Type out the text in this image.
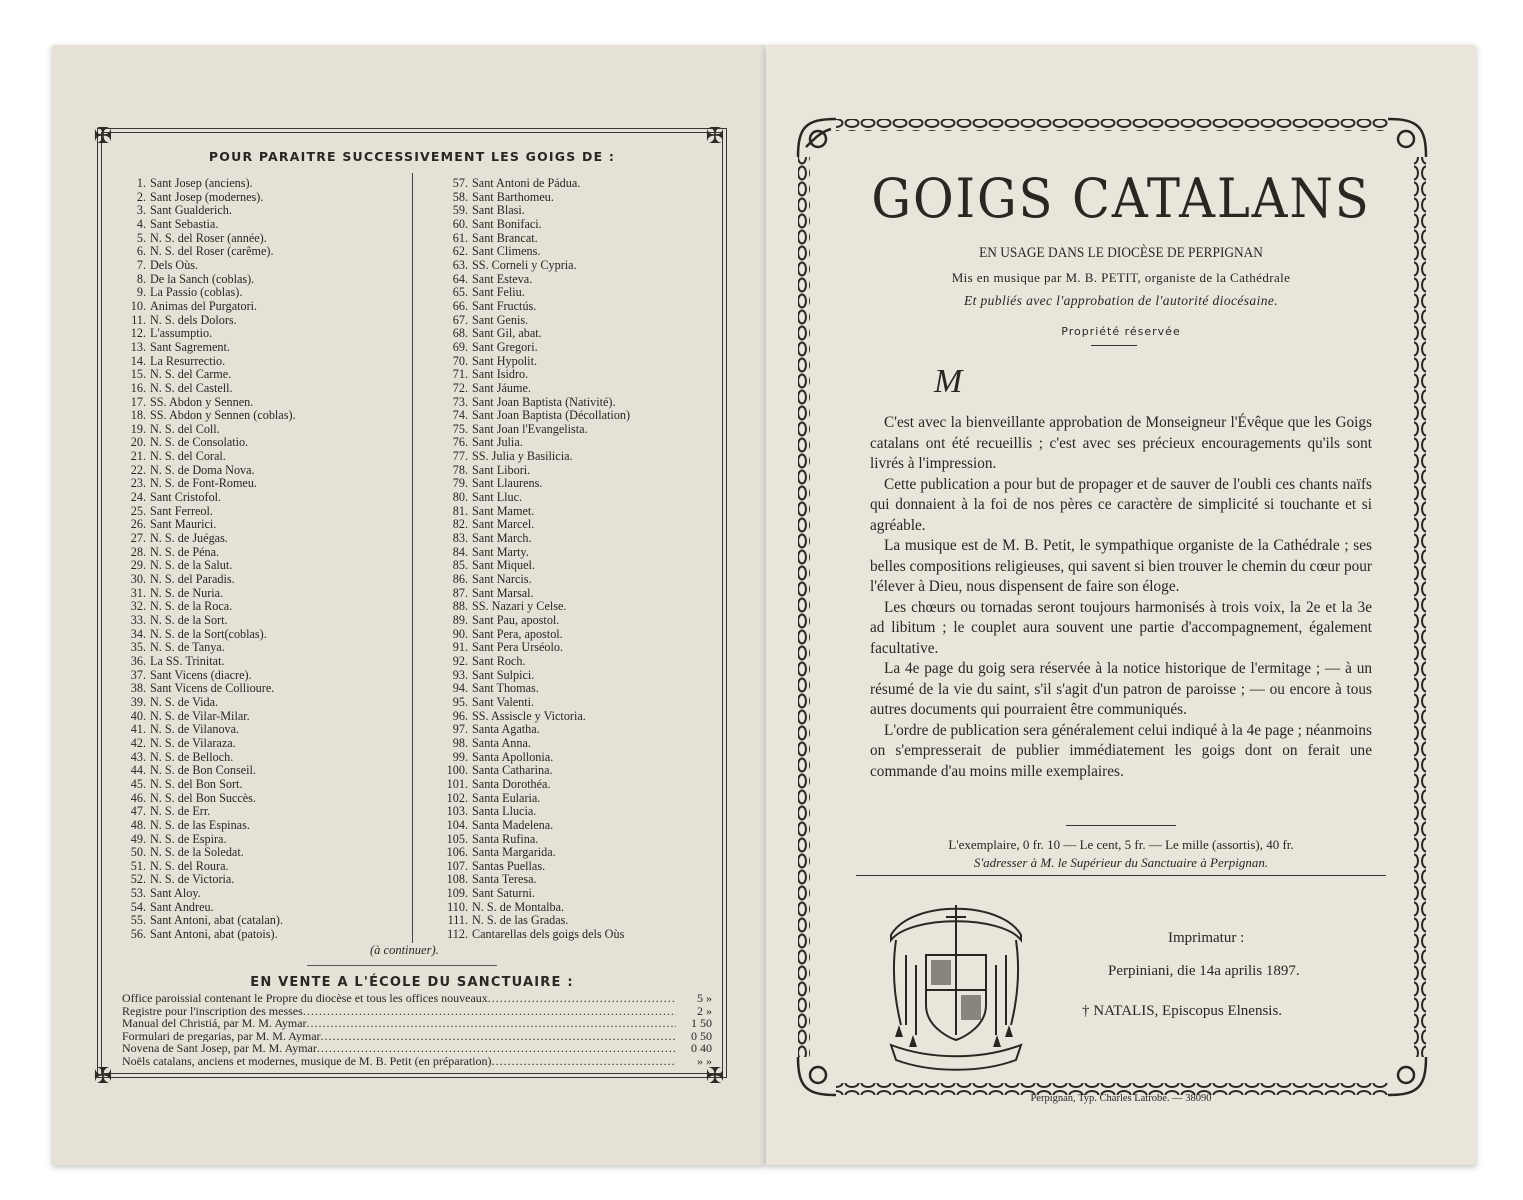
✠	✠
✠	✠
POUR PARAITRE SUCCESSIVEMENT LES GOIGS DE :
1. Sant Josep (anciens).
2. Sant Josep (modernes).
3. Sant Gualderich.
4. Sant Sebastia.
5. N. S. del Roser (année).
6. N. S. del Roser (carême).
7. Dels Oùs.
8. De la Sanch (coblas).
9. La Passio (coblas).
10. Animas del Purgatori.
11. N. S. dels Dolors.
12. L'assumptio.
13. Sant Sagrement.
14. La Resurrectio.
15. N. S. del Carme.
16. N. S. del Castell.
17. SS. Abdon y Sennen.
18. SS. Abdon y Sennen (coblas).
19. N. S. del Coll.
20. N. S. de Consolatio.
21. N. S. del Coral.
22. N. S. de Doma Nova.
23. N. S. de Font-Romeu.
24. Sant Cristofol.
25. Sant Ferreol.
26. Sant Maurici.
27. N. S. de Juégas.
28. N. S. de Péna.
29. N. S. de la Salut.
30. N. S. del Paradis.
31. N. S. de Nuria.
32. N. S. de la Roca.
33. N. S. de la Sort.
34. N. S. de la Sort(coblas).
35. N. S. de Tanya.
36. La SS. Trinitat.
37. Sant Vicens (diacre).
38. Sant Vicens de Collioure.
39. N. S. de Vida.
40. N. S. de Vilar-Milar.
41. N. S. de Vilanova.
42. N. S. de Vilaraza.
43. N. S. de Belloch.
44. N. S. de Bon Conseil.
45. N. S. del Bon Sort.
46. N. S. del Bon Succès.
47. N. S. de Err.
48. N. S. de las Espinas.
49. N. S. de Espira.
50. N. S. de la Soledat.
51. N. S. del Roura.
52. N. S. de Victoria.
53. Sant Aloy.
54. Sant Andreu.
55. Sant Antoni, abat (catalan).
56. Sant Antoni, abat (patois).
57. Sant Antoni de Pádua.
58. Sant Barthomeu.
59. Sant Blasi.
60. Sant Bonifaci.
61. Sant Brancat.
62. Sant Climens.
63. SS. Corneli y Cypria.
64. Sant Esteva.
65. Sant Feliu.
66. Sant Fructús.
67. Sant Genis.
68. Sant Gil, abat.
69. Sant Gregori.
70. Sant Hypolit.
71. Sant Isidro.
72. Sant Jáume.
73. Sant Joan Baptista (Nativité).
74. Sant Joan Baptista (Décollation)
75. Sant Joan l'Evangelista.
76. Sant Julia.
77. SS. Julia y Basilicia.
78. Sant Libori.
79. Sant Llaurens.
80. Sant Lluc.
81. Sant Mamet.
82. Sant Marcel.
83. Sant March.
84. Sant Marty.
85. Sant Miquel.
86. Sant Narcis.
87. Sant Marsal.
88. SS. Nazari y Celse.
89. Sant Pau, apostol.
90. Sant Pera, apostol.
91. Sant Pera Urséolo.
92. Sant Roch.
93. Sant Sulpici.
94. Sant Thomas.
95. Sant Valenti.
96. SS. Assiscle y Victoria.
97. Santa Agatha.
98. Santa Anna.
99. Santa Apollonia.
100. Santa Catharina.
101. Santa Dorothéa.
102. Santa Eularia.
103. Santa Llucia.
104. Santa Madelena.
105. Santa Rufina.
106. Santa Margarida.
107. Santas Puellas.
108. Santa Teresa.
109. Sant Saturni.
110. N. S. de Montalba.
111. N. S. de las Gradas.
112. Cantarellas dels goigs dels Oùs
(à continuer).
EN VENTE A L'ÉCOLE DU SANCTUAIRE :
Office paroissial contenant le Propre du diocèse et tous les offices nouveaux .....	5 »
Registre pour l'inscription des messes .....	2 »
Manual del Christiá, par M. M. Aymar .....	1 50
Formulari de pregarias, par M. M. Aymar .....	0 50
Novena de Sant Josep, par M. M. Aymar .....	0 40
Noëls catalans, anciens et modernes, musique de M. B. Petit (en préparation) .....	» »
GOIGS CATALANS
EN USAGE DANS LE DIOCÈSE DE PERPIGNAN
Mis en musique par M. B. PETIT, organiste de la Cathédrale
Et publiés avec l'approbation de l'autorité diocésaine.
Propriété réservée
M

C'est avec la bienveillante approbation de Monseigneur l'Évêque que les Goigs catalans ont été recueillis ; c'est avec ses précieux encouragements qu'ils sont livrés à l'impression.

Cette publication a pour but de propager et de sauver de l'oubli ces chants naïfs qui donnaient à la foi de nos pères ce caractère de simplicité si touchante et si agréable.

La musique est de M. B. Petit, le sympathique organiste de la Cathédrale ; ses belles compositions religieuses, qui savent si bien trouver le chemin du cœur pour l'élever à Dieu, nous dispensent de faire son éloge.

Les chœurs ou tornadas seront toujours harmonisés à trois voix, la 2e et la 3e ad libitum ; le couplet aura souvent une partie d'accompagnement, également facultative.

La 4e page du goig sera réservée à la notice historique de l'ermitage ; — à un résumé de la vie du saint, s'il s'agit d'un patron de paroisse ; — ou encore à tous autres documents qui pourraient être communiqués.

L'ordre de publication sera généralement celui indiqué à la 4e page ; néanmoins on s'empresserait de publier immédiatement les goigs dont on ferait une commande d'au moins mille exemplaires.

L'exemplaire, 0 fr. 10 — Le cent, 5 fr. — Le mille (assortis), 40 fr.
S'adresser à M. le Supérieur du Sanctuaire à Perpignan.
Imprimatur :
Perpiniani, die 14a aprilis 1897.
† NATALIS, Episcopus Elnensis.
Perpignan, Typ. Charles Latrobe. — 38090
